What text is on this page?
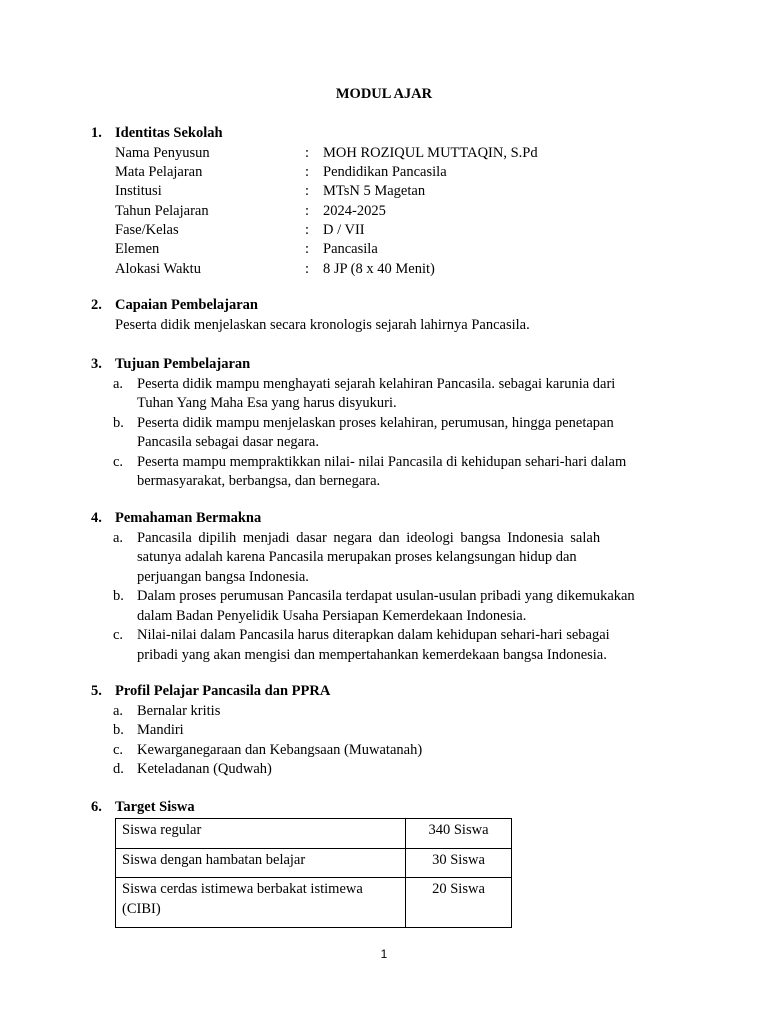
MODUL AJAR
1. Identitas Sekolah
Nama Penyusun	: MOH ROZIQUL MUTTAQIN, S.Pd
Mata Pelajaran	: Pendidikan Pancasila
Institusi	: MTsN 5 Magetan
Tahun Pelajaran	: 2024-2025
Fase/Kelas	: D / VII
Elemen	: Pancasila
Alokasi Waktu	: 8 JP (8 x 40 Menit)
2. Capaian Pembelajaran
Peserta didik menjelaskan secara kronologis sejarah lahirnya Pancasila.
3. Tujuan Pembelajaran
a. Peserta didik mampu menghayati sejarah kelahiran Pancasila. sebagai karunia dari
Tuhan Yang Maha Esa yang harus disyukuri.
b. Peserta didik mampu menjelaskan proses kelahiran, perumusan, hingga penetapan
Pancasila sebagai dasar negara.
c. Peserta mampu mempraktikkan nilai- nilai Pancasila di kehidupan sehari-hari dalam
bermasyarakat, berbangsa, dan bernegara.
4. Pemahaman Bermakna
a. Pancasila dipilih menjadi dasar negara dan ideologi bangsa Indonesia salah
satunya adalah karena Pancasila merupakan proses kelangsungan hidup dan
perjuangan bangsa Indonesia.
b. Dalam proses perumusan Pancasila terdapat usulan-usulan pribadi yang dikemukakan
dalam Badan Penyelidik Usaha Persiapan Kemerdekaan Indonesia.
c. Nilai-nilai dalam Pancasila harus diterapkan dalam kehidupan sehari-hari sebagai
pribadi yang akan mengisi dan mempertahankan kemerdekaan bangsa Indonesia.
5. Profil Pelajar Pancasila dan PPRA
a. Bernalar kritis
b. Mandiri
c. Kewarganegaraan dan Kebangsaan (Muwatanah)
d. Keteladanan (Qudwah)
6. Target Siswa
Siswa regular	340 Siswa
Siswa dengan hambatan belajar	30 Siswa

Siswa cerdas istimewa berbakat istimewa
(CIBI)	20 Siswa
1
